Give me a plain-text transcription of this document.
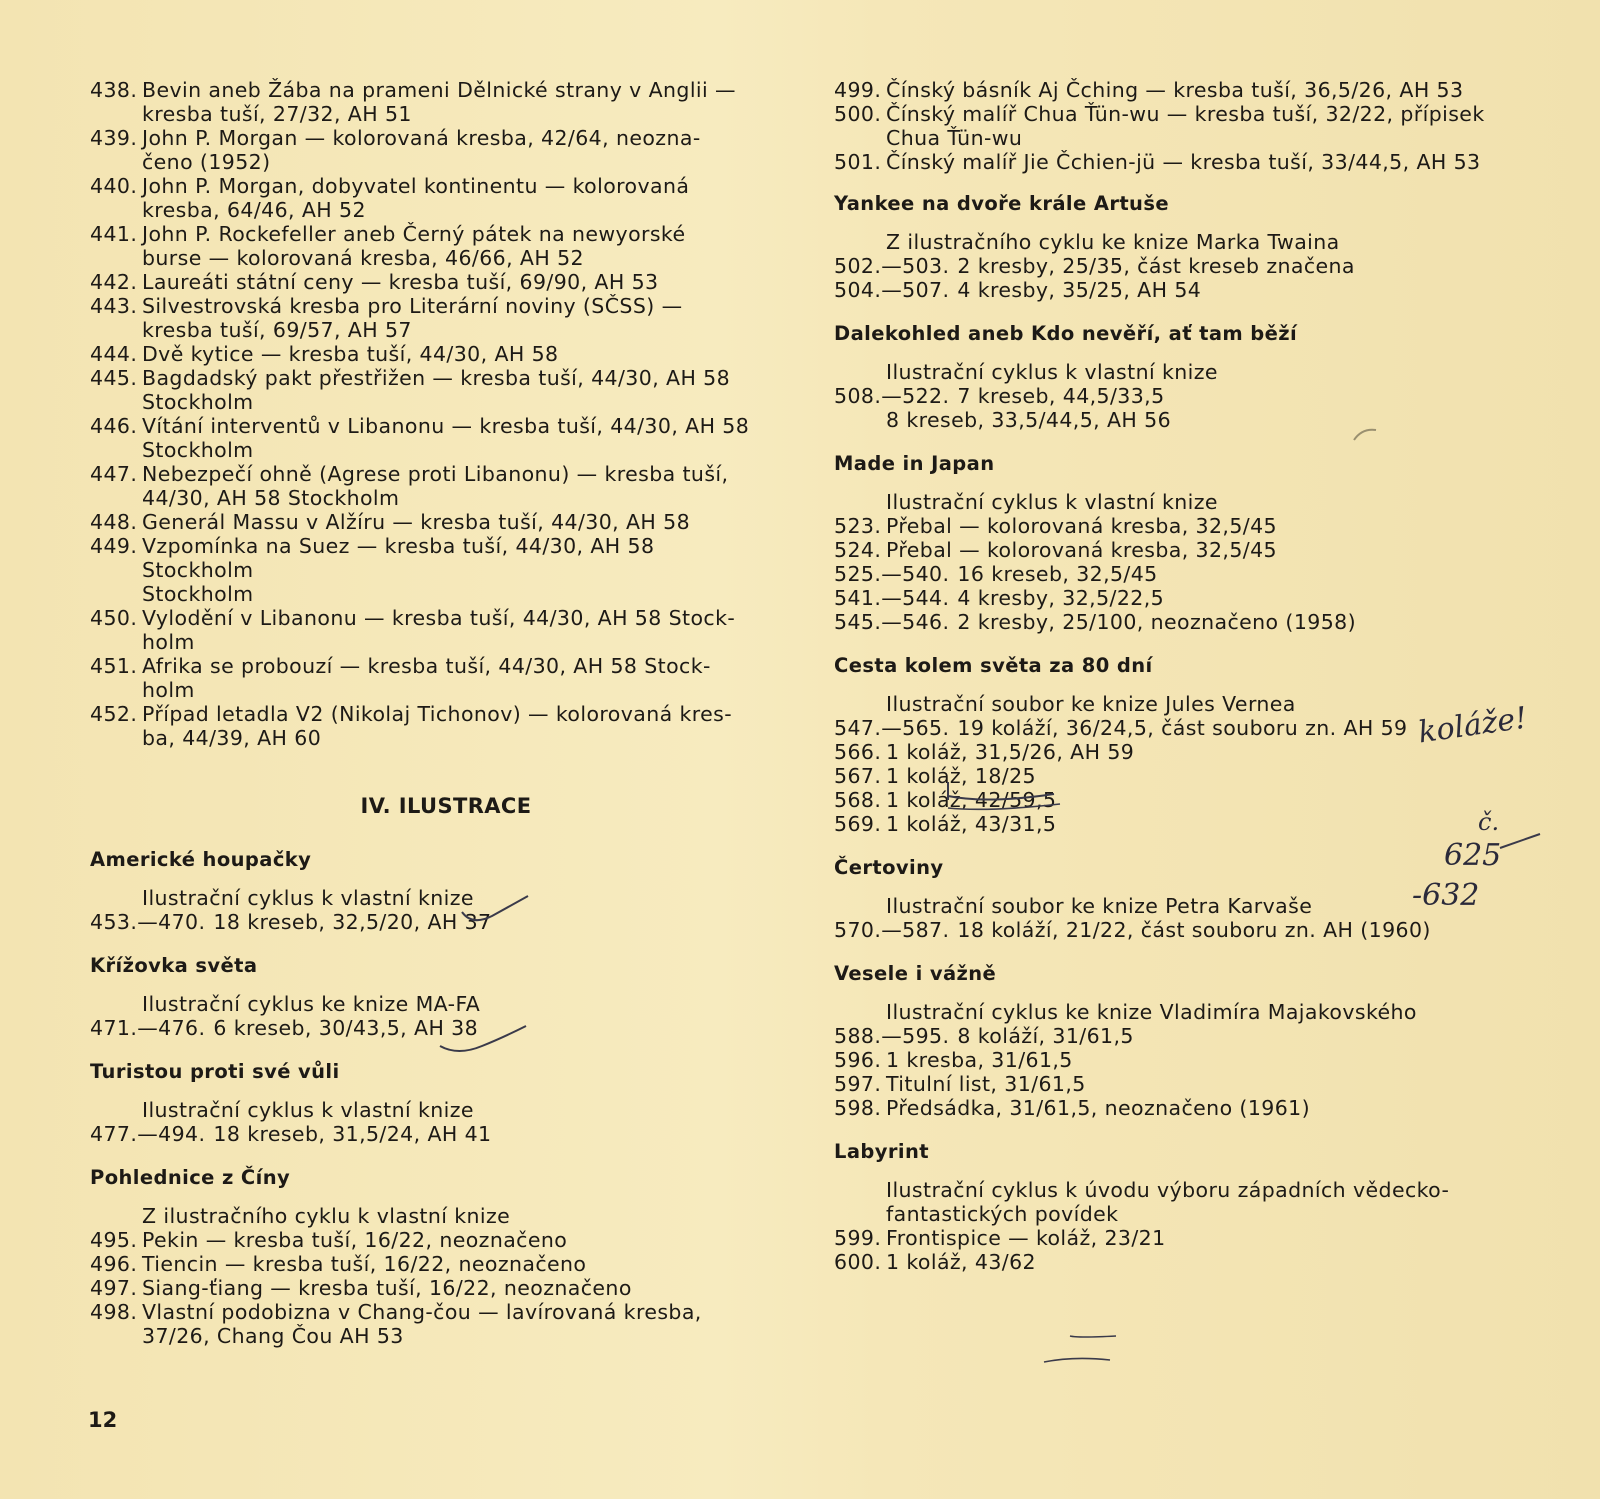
438. Bevin aneb Žába na prameni Dělnické strany v Anglii —
kresba tuší, 27/32, AH 51
439. John P. Morgan — kolorovaná kresba, 42/64, neozna-
čeno (1952)
440. John P. Morgan, dobyvatel kontinentu — kolorovaná
kresba, 64/46, AH 52
441. John P. Rockefeller aneb Černý pátek na newyorské
burse — kolorovaná kresba, 46/66, AH 52
442. Laureáti státní ceny — kresba tuší, 69/90, AH 53
443. Silvestrovská kresba pro Literární noviny (SČSS) —
kresba tuší, 69/57, AH 57
444. Dvě kytice — kresba tuší, 44/30, AH 58
445. Bagdadský pakt přestřižen — kresba tuší, 44/30, AH 58
Stockholm
446. Vítání interventů v Libanonu — kresba tuší, 44/30, AH 58
Stockholm
447. Nebezpečí ohně (Agrese proti Libanonu) — kresba tuší,
44/30, AH 58 Stockholm
448. Generál Massu v Alžíru — kresba tuší, 44/30, AH 58
449. Vzpomínka na Suez — kresba tuší, 44/30, AH 58 Stockholm
Stockholm
450. Vylodění v Libanonu — kresba tuší, 44/30, AH 58 Stock-
holm
451. Afrika se probouzí — kresba tuší, 44/30, AH 58 Stock-
holm
452. Případ letadla V2 (Nikolaj Tichonov) — kolorovaná kres-
ba, 44/39, AH 60
IV. ILUSTRACE
Americké houpačky
Ilustrační cyklus k vlastní knize
453.—470. 18 kreseb, 32,5/20, AH 37
Křížovka světa
Ilustrační cyklus ke knize MA-FA
471.—476. 6 kreseb, 30/43,5, AH 38
Turistou proti své vůli
Ilustrační cyklus k vlastní knize
477.—494. 18 kreseb, 31,5/24, AH 41
Pohlednice z Číny
Z ilustračního cyklu k vlastní knize
495. Pekin — kresba tuší, 16/22, neoznačeno
496. Tiencin — kresba tuší, 16/22, neoznačeno
497. Siang-ťiang — kresba tuší, 16/22, neoznačeno
498. Vlastní podobizna v Chang-čou — lavírovaná kresba,
37/26, Chang Čou AH 53
499. Čínský básník Aj Čching — kresba tuší, 36,5/26, AH 53
500. Čínský malíř Chua Ťün-wu — kresba tuší, 32/22, přípisek
Chua Ťün-wu
501. Čínský malíř Jie Čchien-jü — kresba tuší, 33/44,5, AH 53
Yankee na dvoře krále Artuše
Z ilustračního cyklu ke knize Marka Twaina
502.—503. 2 kresby, 25/35, část kreseb značena
504.—507. 4 kresby, 35/25, AH 54
Dalekohled aneb Kdo nevěří, ať tam běží
Ilustrační cyklus k vlastní knize
508.—522. 7 kreseb, 44,5/33,5
8 kreseb, 33,5/44,5, AH 56
Made in Japan
Ilustrační cyklus k vlastní knize
523. Přebal — kolorovaná kresba, 32,5/45
524. Přebal — kolorovaná kresba, 32,5/45
525.—540. 16 kreseb, 32,5/45
541.—544. 4 kresby, 32,5/22,5
545.—546. 2 kresby, 25/100, neoznačeno (1958)
Cesta kolem světa za 80 dní
Ilustrační soubor ke knize Jules Vernea
547.—565. 19 koláží, 36/24,5, část souboru zn. AH 59
566. 1 koláž, 31,5/26, AH 59
567. 1 koláž, 18/25
568. 1 koláž, 42/59,5
569. 1 koláž, 43/31,5
Čertoviny
Ilustrační soubor ke knize Petra Karvaše
570.—587. 18 koláží, 21/22, část souboru zn. AH (1960)
Vesele i vážně
Ilustrační cyklus ke knize Vladimíra Majakovského
588.—595. 8 koláží, 31/61,5
596. 1 kresba, 31/61,5
597. Titulní list, 31/61,5
598. Předsádka, 31/61,5, neoznačeno (1961)
Labyrint
Ilustrační cyklus k úvodu výboru západních vědecko-
fantastických povídek
599. Frontispice — koláž, 23/21
600. 1 koláž, 43/62
12
koláže!
č.
625
-632
